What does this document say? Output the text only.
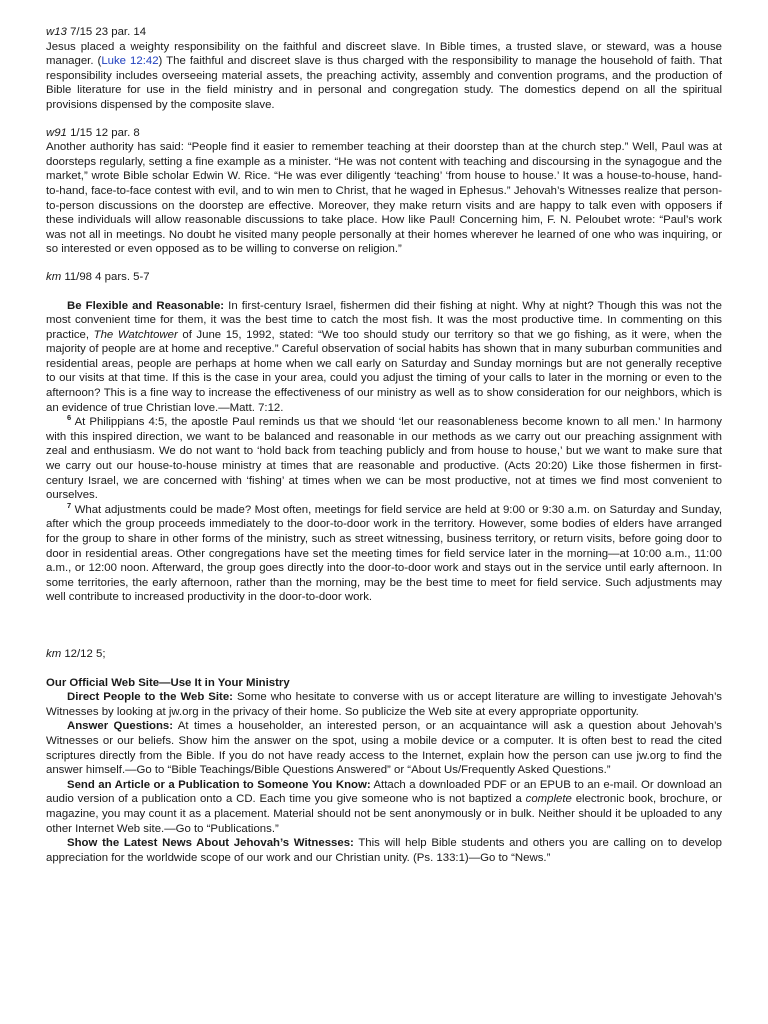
w13 7/15 23 par. 14

Jesus placed a weighty responsibility on the faithful and discreet slave. In Bible times, a trusted slave, or steward, was a house manager. (Luke 12:42) The faithful and discreet slave is thus charged with the responsibility to manage the household of faith. That responsibility includes overseeing material assets, the preaching activity, assembly and convention programs, and the production of Bible literature for use in the field ministry and in personal and congregation study. The domestics depend on all the spiritual provisions dispensed by the composite slave.

w91 1/15 12 par. 8

Another authority has said: “People find it easier to remember teaching at their doorstep than at the church step.” Well, Paul was at doorsteps regularly, setting a fine example as a minister. “He was not content with teaching and discoursing in the synagogue and the market,” wrote Bible scholar Edwin W. Rice. “He was ever diligently ‘teaching’ ‘from house to house.’ It was a house-to-house, hand-to-hand, face-to-face contest with evil, and to win men to Christ, that he waged in Ephesus.” Jehovah’s Witnesses realize that person-to-person discussions on the doorstep are effective. Moreover, they make return visits and are happy to talk even with opposers if these individuals will allow reasonable discussions to take place. How like Paul! Concerning him, F. N. Peloubet wrote: “Paul’s work was not all in meetings. No doubt he visited many people personally at their homes wherever he learned of one who was inquiring, or so interested or even opposed as to be willing to converse on religion.”

km 11/98 4 pars. 5-7

Be Flexible and Reasonable: In first-century Israel, fishermen did their fishing at night. Why at night? Though this was not the most convenient time for them, it was the best time to catch the most fish. It was the most productive time. In commenting on this practice, The Watchtower of June 15, 1992, stated: “We too should study our territory so that we go fishing, as it were, when the majority of people are at home and receptive.” Careful observation of social habits has shown that in many suburban communities and residential areas, people are perhaps at home when we call early on Saturday and Sunday mornings but are not generally receptive to our visits at that time. If this is the case in your area, could you adjust the timing of your calls to later in the morning or even to the afternoon? This is a fine way to increase the effectiveness of our ministry as well as to show consideration for our neighbors, which is an evidence of true Christian love.—Matt. 7:12.

$^6$ At Philippians 4:5, the apostle Paul reminds us that we should ‘let our reasonableness become known to all men.’ In harmony with this inspired direction, we want to be balanced and reasonable in our methods as we carry out our preaching assignment with zeal and enthusiasm. We do not want to ‘hold back from teaching publicly and from house to house,’ but we want to make sure that we carry out our house-to-house ministry at times that are reasonable and productive. (Acts 20:20) Like those fishermen in first-century Israel, we are concerned with ‘fishing’ at times when we can be most productive, not at times we find most convenient to ourselves.

$^7$ What adjustments could be made? Most often, meetings for field service are held at 9:00 or 9:30 a.m. on Saturday and Sunday, after which the group proceeds immediately to the door-to-door work in the territory. However, some bodies of elders have arranged for the group to share in other forms of the ministry, such as street witnessing, business territory, or return visits, before going door to door in residential areas. Other congregations have set the meeting times for field service later in the morning—at 10:00 a.m., 11:00 a.m., or 12:00 noon. Afterward, the group goes directly into the door-to-door work and stays out in the service until early afternoon. In some territories, the early afternoon, rather than the morning, may be the best time to meet for field service. Such adjustments may well contribute to increased productivity in the door-to-door work.

km 12/12 5;
Our Official Web Site—Use It in Your Ministry

Direct People to the Web Site: Some who hesitate to converse with us or accept literature are willing to investigate Jehovah’s Witnesses by looking at jw.org in the privacy of their home. So publicize the Web site at every appropriate opportunity.

Answer Questions: At times a householder, an interested person, or an acquaintance will ask a question about Jehovah’s Witnesses or our beliefs. Show him the answer on the spot, using a mobile device or a computer. It is often best to read the cited scriptures directly from the Bible. If you do not have ready access to the Internet, explain how the person can use jw.org to find the answer himself.—Go to “Bible Teachings/Bible Questions Answered” or “About Us/Frequently Asked Questions.”

Send an Article or a Publication to Someone You Know: Attach a downloaded PDF or an EPUB to an e-mail. Or download an audio version of a publication onto a CD. Each time you give someone who is not baptized a complete electronic book, brochure, or magazine, you may count it as a placement. Material should not be sent anonymously or in bulk. Neither should it be uploaded to any other Internet Web site.—Go to “Publications.”

Show the Latest News About Jehovah’s Witnesses: This will help Bible students and others you are calling on to develop appreciation for the worldwide scope of our work and our Christian unity. (Ps. 133:1)—Go to “News.”
